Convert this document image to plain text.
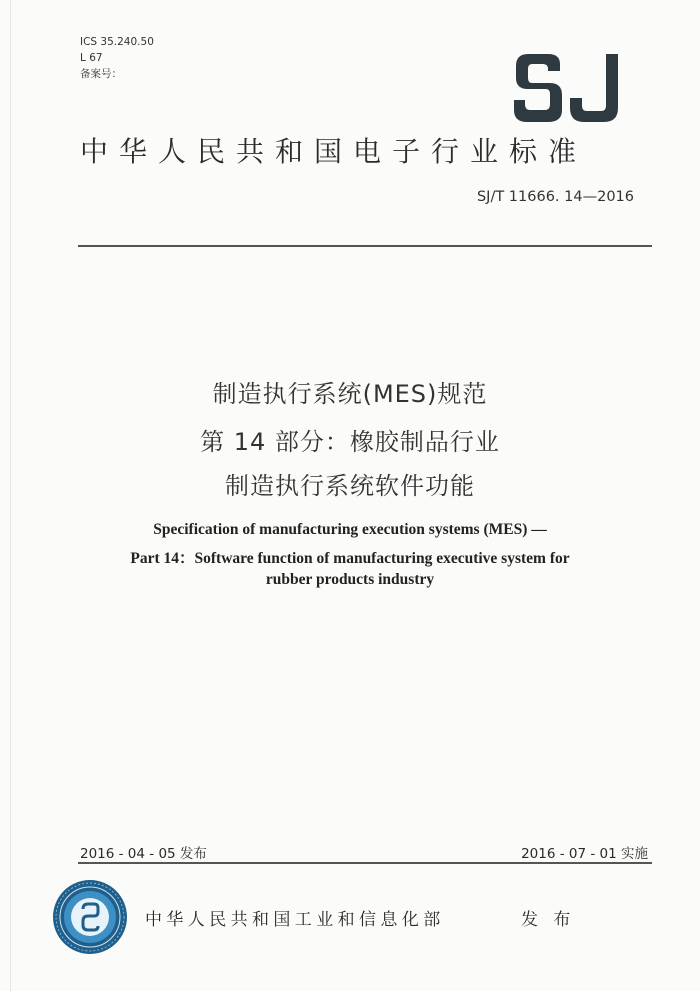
ICS 35.240.50
L 67
备案号：
中华人民共和国电子行业标准
SJ/T 11666. 14—2016
制造执行系统(MES)规范
第 14 部分：橡胶制品行业
制造执行系统软件功能
Specification of manufacturing execution systems (MES) —
Part 14：Software function of manufacturing executive system for
rubber products industry
2016 - 04 - 05 发布	2016 - 07 - 01 实施
中华人民共和国工业和信息化部	发 布
